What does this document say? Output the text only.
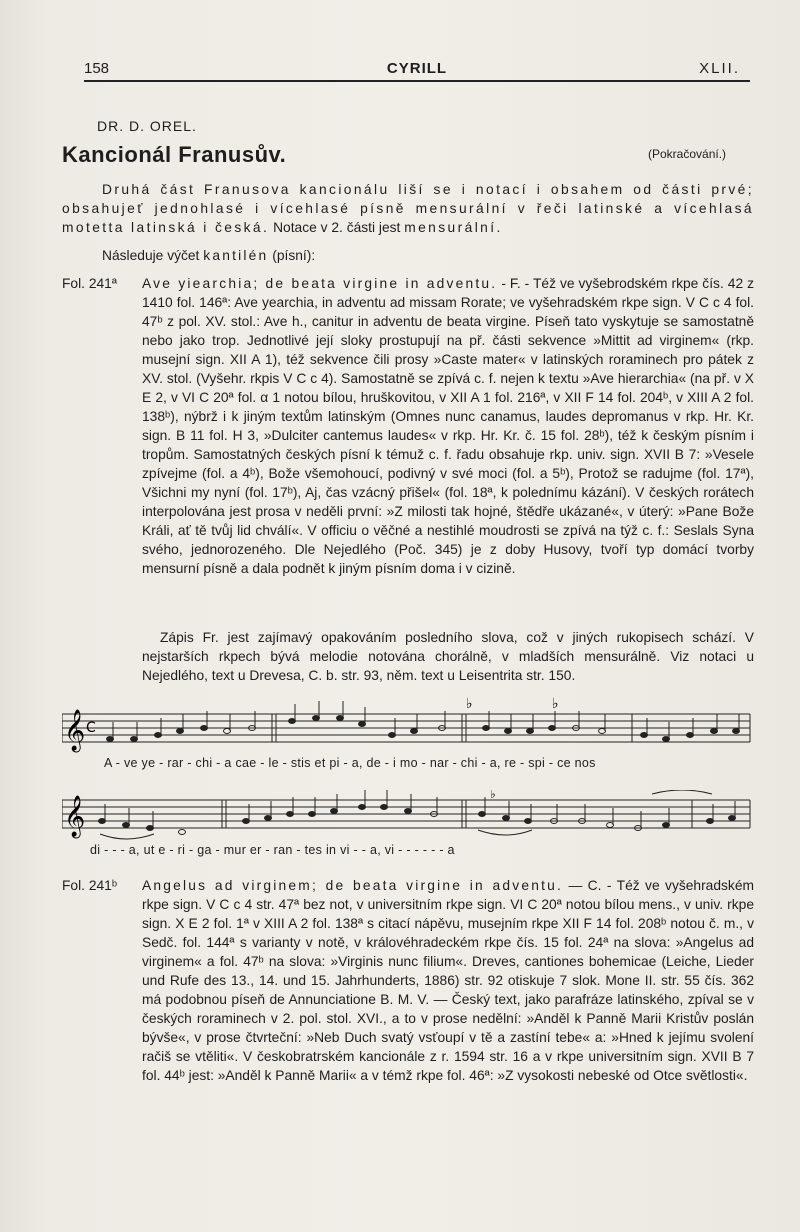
158	CYRILL	XLII.
DR. D. OREL.
Kancionál Franusův.	(Pokračování.)
Druhá část Franusova kancionálu liší se i notací i obsahem od části prvé; obsahujeť jednohlasé i vícehlasé písně mensurální v řeči latinské a vícehlasá motetta latinská i česká. Notace v 2. části jest mensurální.
Následuje výčet kantilén (písní):
Fol. 241ª Ave yiearchia; de beata virgine in adventu. - F. - Též ve vyšebrodském rkpe čís. 42 z 1410 fol. 146ª: Ave yearchia, in adventu ad missam Rorate; ve vyšehradském rkpe sign. V C c 4 fol. 47ᵇ z pol. XV. stol.: Ave h., canitur in adventu de beata virgine. Píseň tato vyskytuje se samostatně nebo jako trop. Jednotlivé její sloky prostupují na př. části sekvence »Mittit ad virginem« (rkp. musejní sign. XII A 1), též sekvence čili prosy »Caste mater« v latinských roraminech pro pátek z XV. stol. (Vyšehr. rkpis V C c 4). Samostatně se zpívá c. f. nejen k textu »Ave hierarchia« (na př. v X E 2, v VI C 20ª fol. α 1 notou bílou, hruškovitou, v XII A 1 fol. 216ª, v XII F 14 fol. 204ᵇ, v XIII A 2 fol. 138ᵇ), nýbrž i k jiným textům latinským (Omnes nunc canamus, laudes depromanus v rkp. Hr. Kr. sign. B 11 fol. H 3, »Dulciter cantemus laudes« v rkp. Hr. Kr. č. 15 fol. 28ᵇ), též k českým písním i tropům. Samostatných českých písní k témuž c. f. řadu obsahuje rkp. univ. sign. XVII B 7: »Vesele zpívejme (fol. a 4ᵇ), Bože všemohoucí, podivný v své moci (fol. a 5ᵇ), Protož se radujme (fol. 17ª), Všichni my nyní (fol. 17ᵇ), Aj, čas vzácný přišel« (fol. 18ª, k polednímu kázání). V českých rorátech interpolována jest prosa v neděli první: »Z milosti tak hojné, štědře ukázané«, v úterý: »Pane Bože Králi, ať tě tvůj lid chválí«. V officiu o věčné a nestihlé moudrosti se zpívá na týž c. f.: Seslals Syna svého, jednorozeného. Dle Nejedlého (Poč. 345) je z doby Husovy, tvoří typ domácí tvorby mensurní písně a dala podnět k jiným písním doma i v cizině.
Zápis Fr. jest zajímavý opakováním posledního slova, což v jiných rukopisech schází. V nejstarších rkpech bývá melodie notována chorálně, v mladších mensurálně. Viz notaci u Nejedlého, text u Drevesa, C. b. str. 93, něm. text u Leisentrita str. 150.
𝄞 C
♭	♭
A - ve ye - rar - chi - a cae - le - stis et pi - a, de - i mo - nar - chi - a, re - spi - ce nos
𝄞
♭
di - - - a, ut e - ri - ga - mur er - ran - tes in vi - - a, vi - - - - - - a
Fol. 241ᵇ Angelus ad virginem; de beata virgine in adventu. — C. - Též ve vyšehradském rkpe sign. V C c 4 str. 47ª bez not, v universitním rkpe sign. VI C 20ª notou bílou mens., v univ. rkpe sign. X E 2 fol. 1ª v XIII A 2 fol. 138ª s citací nápěvu, musejním rkpe XII F 14 fol. 208ᵇ notou č. m., v Sedč. fol. 144ª s varianty v notě, v královéhradeckém rkpe čís. 15 fol. 24ª na slova: »Angelus ad virginem« a fol. 47ᵇ na slova: »Virginis nunc filium«. Dreves, cantiones bohemicae (Leiche, Lieder und Rufe des 13., 14. und 15. Jahrhunderts, 1886) str. 92 otiskuje 7 slok. Mone II. str. 55 čís. 362 má podobnou píseň de Annunciatione B. M. V. — Český text, jako parafráze latinského, zpíval se v českých roraminech v 2. pol. stol. XVI., a to v prose nedělní: »Anděl k Panně Marii Kristův poslán bývše«, v prose čtvrteční: »Neb Duch svatý vsťoupí v tě a zastíní tebe« a: »Hned k jejímu svolení račiš se vtěliti«. V českobratrském kancionále z r. 1594 str. 16 a v rkpe universitním sign. XVII B 7 fol. 44ᵇ jest: »Anděl k Panně Marii« a v témž rkpe fol. 46ª: »Z vysokosti nebeské od Otce světlosti«.
